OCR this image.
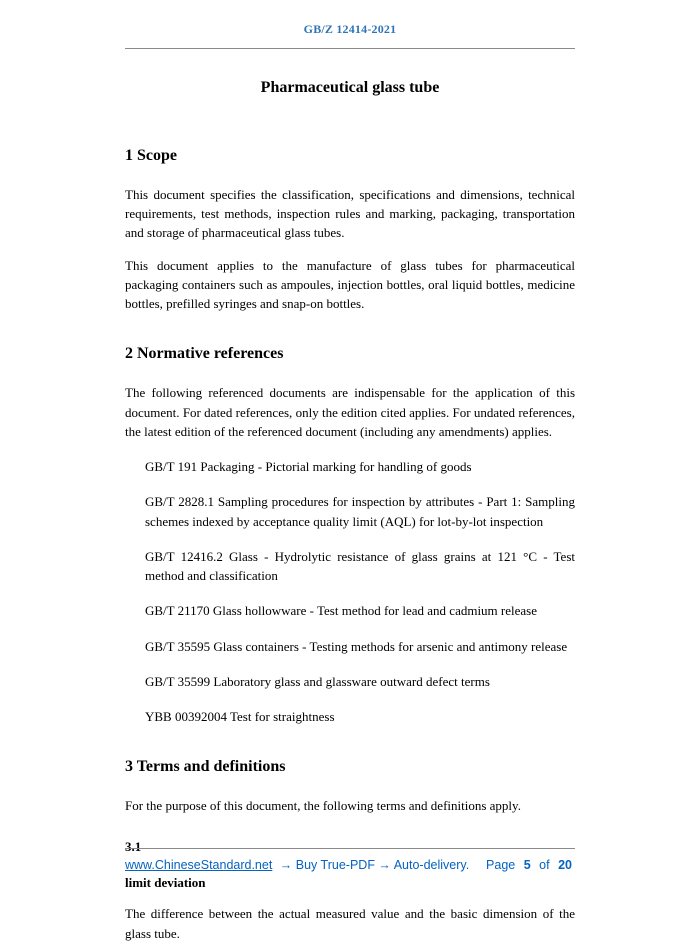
GB/Z 12414-2021
Pharmaceutical glass tube
1 Scope

This document specifies the classification, specifications and dimensions, technical requirements, test methods, inspection rules and marking, packaging, transportation and storage of pharmaceutical glass tubes.

This document applies to the manufacture of glass tubes for pharmaceutical packaging containers such as ampoules, injection bottles, oral liquid bottles, medicine bottles, prefilled syringes and snap-on bottles.

2 Normative references

The following referenced documents are indispensable for the application of this document. For dated references, only the edition cited applies. For undated references, the latest edition of the referenced document (including any amendments) applies.

GB/T 191 Packaging - Pictorial marking for handling of goods

GB/T 2828.1 Sampling procedures for inspection by attributes - Part 1: Sampling schemes indexed by acceptance quality limit (AQL) for lot-by-lot inspection

GB/T 12416.2 Glass - Hydrolytic resistance of glass grains at 121 °C - Test method and classification

GB/T 21170 Glass hollowware - Test method for lead and cadmium release

GB/T 35595 Glass containers - Testing methods for arsenic and antimony release

GB/T 35599 Laboratory glass and glassware outward defect terms

YBB 00392004 Test for straightness

3 Terms and definitions

For the purpose of this document, the following terms and definitions apply.

3.1
limit deviation

The difference between the actual measured value and the basic dimension of the glass tube.

www.ChineseStandard.net → Buy True-PDF → Auto-delivery. Page 5 of 20
